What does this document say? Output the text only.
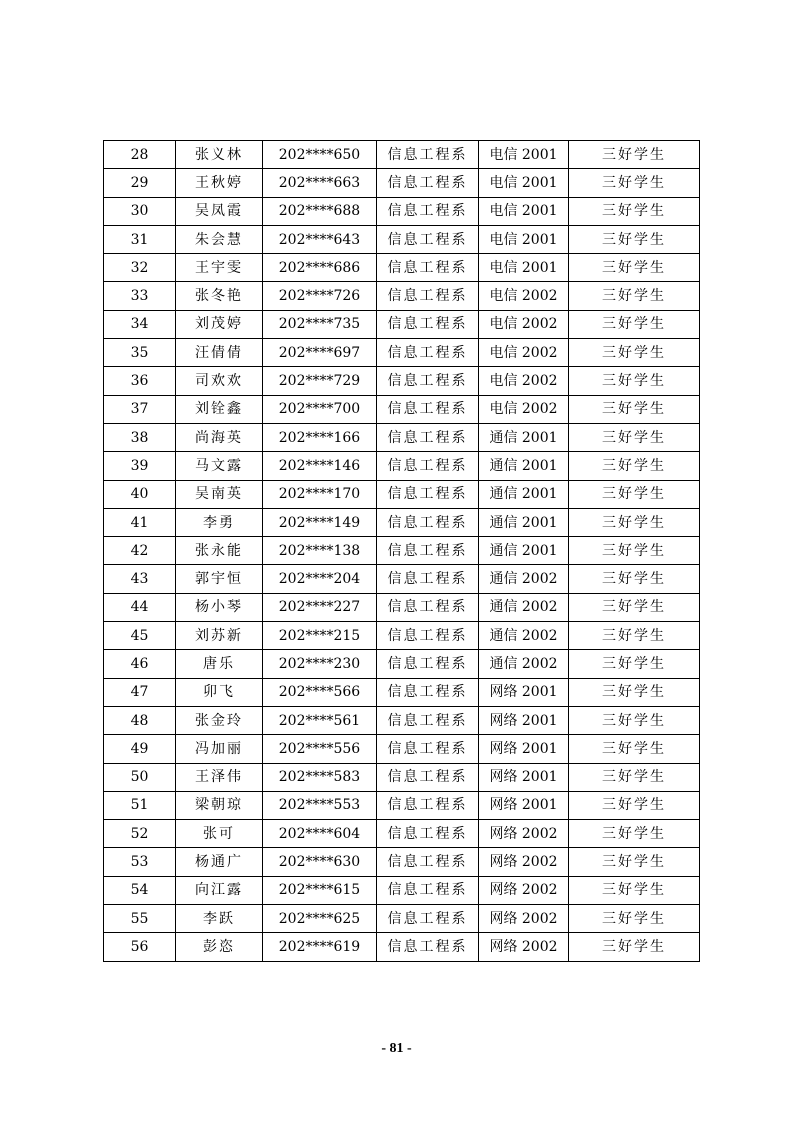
28	张义林	202****650	信息工程系	电信 2001	三好学生
29	王秋婷	202****663	信息工程系	电信 2001	三好学生
30	吴凤霞	202****688	信息工程系	电信 2001	三好学生
31	朱会慧	202****643	信息工程系	电信 2001	三好学生
32	王宇雯	202****686	信息工程系	电信 2001	三好学生
33	张冬艳	202****726	信息工程系	电信 2002	三好学生
34	刘茂婷	202****735	信息工程系	电信 2002	三好学生
35	汪倩倩	202****697	信息工程系	电信 2002	三好学生
36	司欢欢	202****729	信息工程系	电信 2002	三好学生
37	刘铨鑫	202****700	信息工程系	电信 2002	三好学生
38	尚海英	202****166	信息工程系	通信 2001	三好学生
39	马文露	202****146	信息工程系	通信 2001	三好学生
40	吴南英	202****170	信息工程系	通信 2001	三好学生
41	李勇	202****149	信息工程系	通信 2001	三好学生
42	张永能	202****138	信息工程系	通信 2001	三好学生
43	郭宇恒	202****204	信息工程系	通信 2002	三好学生
44	杨小琴	202****227	信息工程系	通信 2002	三好学生
45	刘苏新	202****215	信息工程系	通信 2002	三好学生
46	唐乐	202****230	信息工程系	通信 2002	三好学生
47	卯飞	202****566	信息工程系	网络 2001	三好学生
48	张金玲	202****561	信息工程系	网络 2001	三好学生
49	冯加丽	202****556	信息工程系	网络 2001	三好学生
50	王泽伟	202****583	信息工程系	网络 2001	三好学生
51	梁朝琼	202****553	信息工程系	网络 2001	三好学生
52	张可	202****604	信息工程系	网络 2002	三好学生
53	杨通广	202****630	信息工程系	网络 2002	三好学生
54	向江露	202****615	信息工程系	网络 2002	三好学生
55	李跃	202****625	信息工程系	网络 2002	三好学生
56	彭恣	202****619	信息工程系	网络 2002	三好学生
- 81 -
